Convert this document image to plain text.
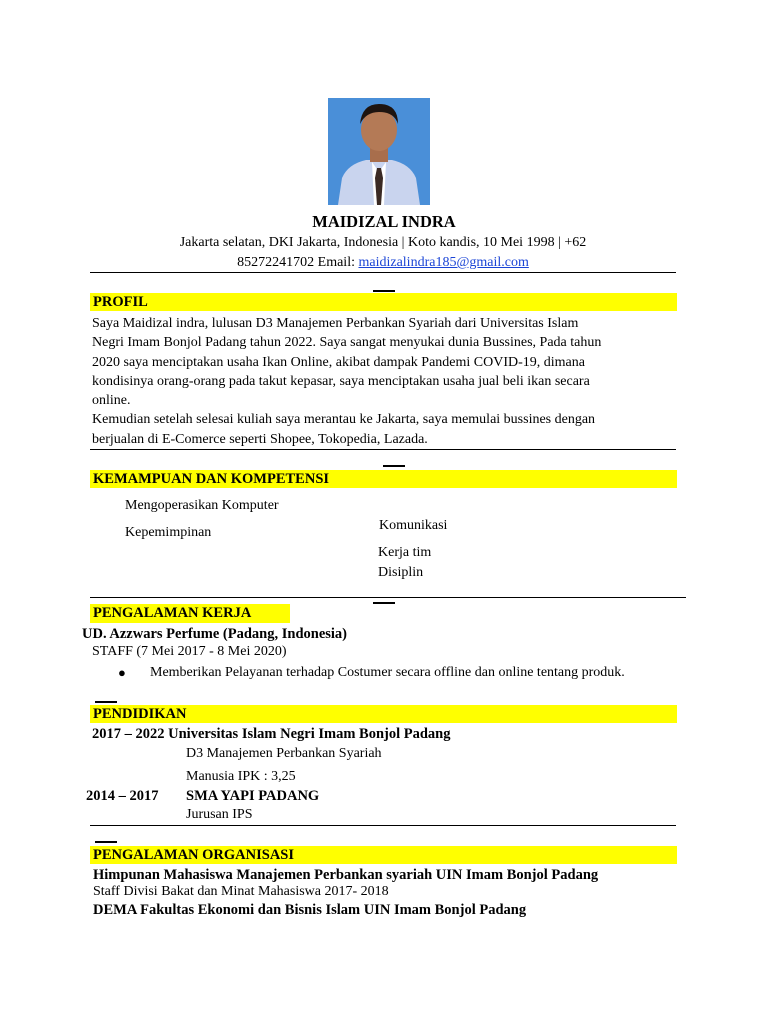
MAIDIZAL INDRA
Jakarta selatan, DKI Jakarta, Indonesia | Koto kandis, 10 Mei 1998 | +62
85272241702 Email: maidizalindra185@gmail.com
PROFIL
Saya Maidizal indra, lulusan D3 Manajemen Perbankan Syariah dari Universitas Islam
Negri Imam Bonjol Padang tahun 2022. Saya sangat menyukai dunia Bussines, Pada tahun
2020 saya menciptakan usaha Ikan Online, akibat dampak Pandemi COVID-19, dimana
kondisinya orang-orang pada takut kepasar, saya menciptakan usaha jual beli ikan secara
online.
Kemudian setelah selesai kuliah saya merantau ke Jakarta, saya memulai bussines dengan
berjualan di E-Comerce seperti Shopee, Tokopedia, Lazada.
KEMAMPUAN DAN KOMPETENSI
Mengoperasikan Komputer
Kepemimpinan	Komunikasi
Kerja tim
Disiplin
PENGALAMAN KERJA
UD. Azzwars Perfume (Padang, Indonesia)
STAFF (7 Mei 2017 - 8 Mei 2020)
● Memberikan Pelayanan terhadap Costumer secara offline dan online tentang produk.
PENDIDIKAN
2017 – 2022 Universitas Islam Negri Imam Bonjol Padang
D3 Manajemen Perbankan Syariah
Manusia IPK : 3,25
2014 – 2017 SMA YAPI PADANG
Jurusan IPS
PENGALAMAN ORGANISASI
Himpunan Mahasiswa Manajemen Perbankan syariah UIN Imam Bonjol Padang
Staff Divisi Bakat dan Minat Mahasiswa 2017- 2018
DEMA Fakultas Ekonomi dan Bisnis Islam UIN Imam Bonjol Padang
